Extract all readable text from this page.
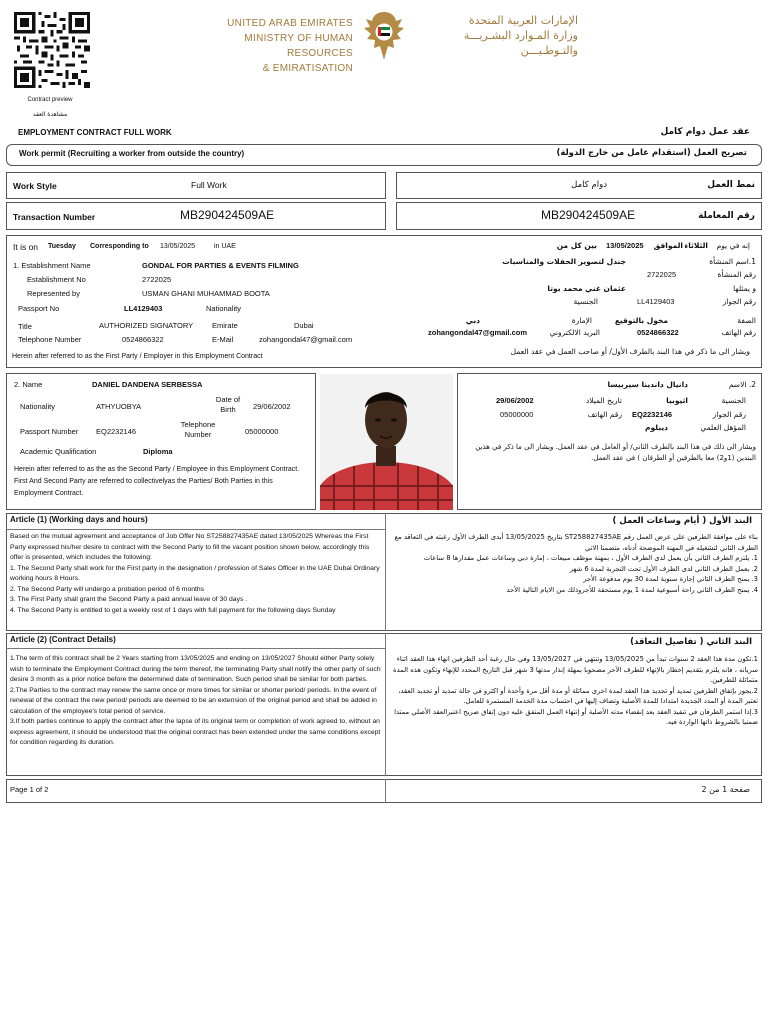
Contract preview
مشاهدة العقد
UNITED ARAB EMIRATES
MINISTRY OF HUMAN RESOURCES
& EMIRATISATION
الإمارات العربية المتحدة
وزارة المـوارد البشـريـــة
والتـوطـيـــن
EMPLOYMENT CONTRACT FULL WORK	عقد عمل دوام كامل
Work permit (Recruiting a worker from outside the country)	تصريح العمل (استقدام عامل من خارج الدولة)
Work Style	Full Work
Transaction Number	MB290424509AE
نمط العمل
دوام كامل
رقم المعاملة
MB290424509AE
It is on Tuesday Corresponding to 13/05/2025	in UAE
1. Establishment Name	GONDAL FOR PARTIES & EVENTS FILMING
Establishment No	2722025
Represented by	USMAN GHANI MUHAMMAD BOOTA
Passport No	LL4129403	Nationality
Title	AUTHORIZED SIGNATORY	Emirate	Dubai
Telephone Number	0524866322	E-Mail	zohangondal47@gmail.com
Herein after referred to as the First Party / Employer in this Employment Contract
إنه في يوم
الثلاثاء
الموافق
13/05/2025
بين كل من
1.اسم المنشأة
جندل لتصوير الحفلات والمناسبات
رقم المنشأة
2722025
و يمثلها
عثمان غني محمد بوتا
رقم الجواز
LL4129403
الجنسية
الصفة
مخول بالتوقيع
الإمارة
دبي
رقم الهاتف
0524866322
البريد الالكتروني
zohangondal47@gmail.com
ويشار الى ما ذكر في هذا البند بالطرف الأول/ أو صاحب العمل في عقد العمل
2. Name	DANIEL DANDENA SERBESSA
Nationality	ATHYUOBYA
Date of Birth	29/06/2002
Passport Number EQ2232146
Telephone Number	05000000
Academic Qualification	Diploma
Herein after referred to as the as the Second Party / Employee in this Employment Contract. First And Second Party are referred to collectivelyas the Parties/ Both Parties in this Employment Contract.
2. الاسم
دانيال داندينا سيربيسا
الجنسية
اثيوبيا
تاريخ الميلاد
29/06/2002
رقم الجواز
EQ2232146
رقم الهاتف
05000000
المؤهل العلمي
ديبلوم
ويشار الى ذلك في هذا البند بالطرف الثاني/ أو العامل في عقد العمل. ويشار الى ما ذكر في هذين البندين (1و2) معا بالطرفين أو الطرفان ) في عقد العمل.
Article (1) (Working days and hours)	البند الأول ( أيام وساعات العمل )

Based on the mutual agreement and acceptance of Job Offer No ST258827435AE dated 13/05/2025 Whereas the First Party expressed his/her desire to contract with the Second Party to fill the vacant position shown below, accordingly this offer is presented, which includes the following:

1. The Second Party shall work for the First party in the designation / profession of Sales Officer in the UAE Dubai Ordinary working hours 8 Hours.

2. The Second Party will undergo a probation period of 6 months

3. The First Party shall grant the Second Party a paid annual leave of 30 days .

4. The Second Party is entitled to get a weekly rest of 1 days with full payment for the following days Sunday

بناء على موافقة الطرفين على عرض العمل رقم ST258827435AE بتاريخ 13/05/2025 أبدى الطرف الأول رغبته في التعاقد مع الطرف الثاني لتشغيله في المهنة الموضحة أدناه، متضمنا الاتي

1. يلتزم الطرف الثاني بأن يعمل لدى الطرف الأول ، بمهنة موظف مبيعات ، إمارة دبي وساعات عمل مقدارها 8 ساعات

2. يعمل الطرف الثاني لدى الطرف الأول تحت التجربة لمدة 6 شهر

3. يمنح الطرف الثاني إجازة سنوية لمدة 30 يوم مدفوعة الأجر

4. يمنح الطرف الثاني راحة أسبوعية لمدة 1 يوم مستحقة للأجروذلك من الايام التالية الأحد

Article (2) (Contract Details)	البند الثاني ( تفاصيل التعاقد)

1.The term of this contract shall be 2 Years starting from 13/05/2025 and ending on 13/05/2027 Should either Party solely wish to terminate the Employment Contract during the term thereof, the terminating Party shall notify the other party of such desire 3 month as a prior notice before the determined date of termination. Such period shall be similar for both parties.

2.The Parties to the contract may renew the same once or more times for similar or shorter period/ periods. In the event of renewal of the contract the new period/ periods are deemed to be an extension of the original period and shall be added in calculation of the employee's total period of service.

3.If both parties continue to apply the contract after the lapse of its original term or completion of work agreed to, without an express agreement, it should be understood that the original contract has been extended under the same conditions except for condition regarding its duration.

1.تكون مدة هذا العقد 2 سنوات تبدأ من 13/05/2025 وتنتهي في 13/05/2027 وفي حال رغبة أحد الطرفين انهاء هذا العقد اثناء سريانه ، فانه يلتزم بتقديم إخطار بالإنهاء للطرف الآخر مصحوبا بمهلة إنذار مدتها 3 شهر قبل التاريخ المحدد للإنهاء وتكون هذه المدة متماثلة للطرفين.

2.يجوز بإتفاق الطرفين تمديد أو تجديد هذا العقد لمدة اخرى مماثلة أو مدة أقل مرة وأحدة أو اكثرو في حالة تمديد أو تجديد العقد، تعتبر المدة أو المدد الجديدة امتدادا للمدة الأصلية وتضاف إليها في احتساب مدة الخدمة المستمرة للعامل.

3.إذا استمر الطرفان في تنفيذ العقد بعد إنقضاء مدته الأصلية أو إنتهاء العمل المتفق عليه دون إتفاق صريح اعتبرالعقد الأصلي ممتدا ضمنيا بالشروط ذاتها الواردة فيه.

Page 1 of 2	صفحة 1 من 2
